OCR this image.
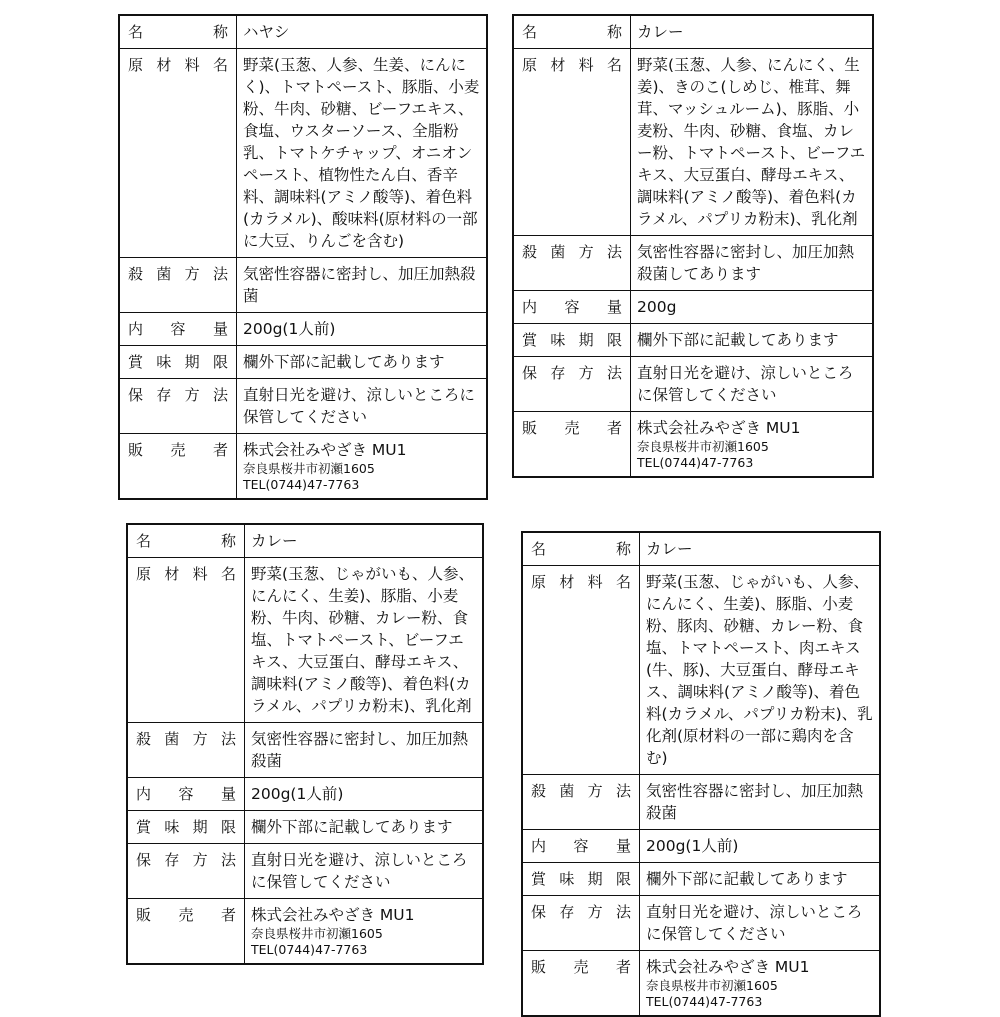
名 称	ハヤシ

原 材 料 名	野菜(玉葱、人参、生姜、にんにく)、トマトペースト、豚脂、小麦粉、牛肉、砂糖、ビーフエキス、食塩、ウスターソース、全脂粉乳、トマトケチャップ、オニオンペースト、植物性たん白、香辛料、調味料(アミノ酸等)、着色料(カラメル)、酸味料(原材料の一部に大豆、りんごを含む)

殺 菌 方 法	気密性容器に密封し、加圧加熱殺菌

内 容 量	200g(1人前)

賞 味 期 限	欄外下部に記載してあります

保 存 方 法	直射日光を避け、涼しいところに保管してください

販 売 者	株式会社みやざき MU1
奈良県桜井市初瀬1605
TEL(0744)47-7763
名 称	カレー

原 材 料 名	野菜(玉葱、人参、にんにく、生姜)、きのこ(しめじ、椎茸、舞茸、マッシュルーム)、豚脂、小麦粉、牛肉、砂糖、食塩、カレー粉、トマトペースト、ビーフエキス、大豆蛋白、酵母エキス、調味料(アミノ酸等)、着色料(カラメル、パプリカ粉末)、乳化剤

殺 菌 方 法	気密性容器に密封し、加圧加熱殺菌してあります

内 容 量	200g

賞 味 期 限	欄外下部に記載してあります

保 存 方 法	直射日光を避け、涼しいところに保管してください

販 売 者	株式会社みやざき MU1
奈良県桜井市初瀬1605
TEL(0744)47-7763
名 称	カレー

原 材 料 名	野菜(玉葱、じゃがいも、人参、にんにく、生姜)、豚脂、小麦粉、牛肉、砂糖、カレー粉、食塩、トマトペースト、ビーフエキス、大豆蛋白、酵母エキス、調味料(アミノ酸等)、着色料(カラメル、パプリカ粉末)、乳化剤

殺 菌 方 法	気密性容器に密封し、加圧加熱殺菌

内 容 量	200g(1人前)

賞 味 期 限	欄外下部に記載してあります

保 存 方 法	直射日光を避け、涼しいところに保管してください

販 売 者	株式会社みやざき MU1
奈良県桜井市初瀬1605
TEL(0744)47-7763
名 称	カレー

原 材 料 名	野菜(玉葱、じゃがいも、人参、にんにく、生姜)、豚脂、小麦粉、豚肉、砂糖、カレー粉、食塩、トマトペースト、肉エキス(牛、豚)、大豆蛋白、酵母エキス、調味料(アミノ酸等)、着色料(カラメル、パプリカ粉末)、乳化剤(原材料の一部に鶏肉を含む)

殺 菌 方 法	気密性容器に密封し、加圧加熱殺菌

内 容 量	200g(1人前)

賞 味 期 限	欄外下部に記載してあります

保 存 方 法	直射日光を避け、涼しいところに保管してください

販 売 者	株式会社みやざき MU1
奈良県桜井市初瀬1605
TEL(0744)47-7763
